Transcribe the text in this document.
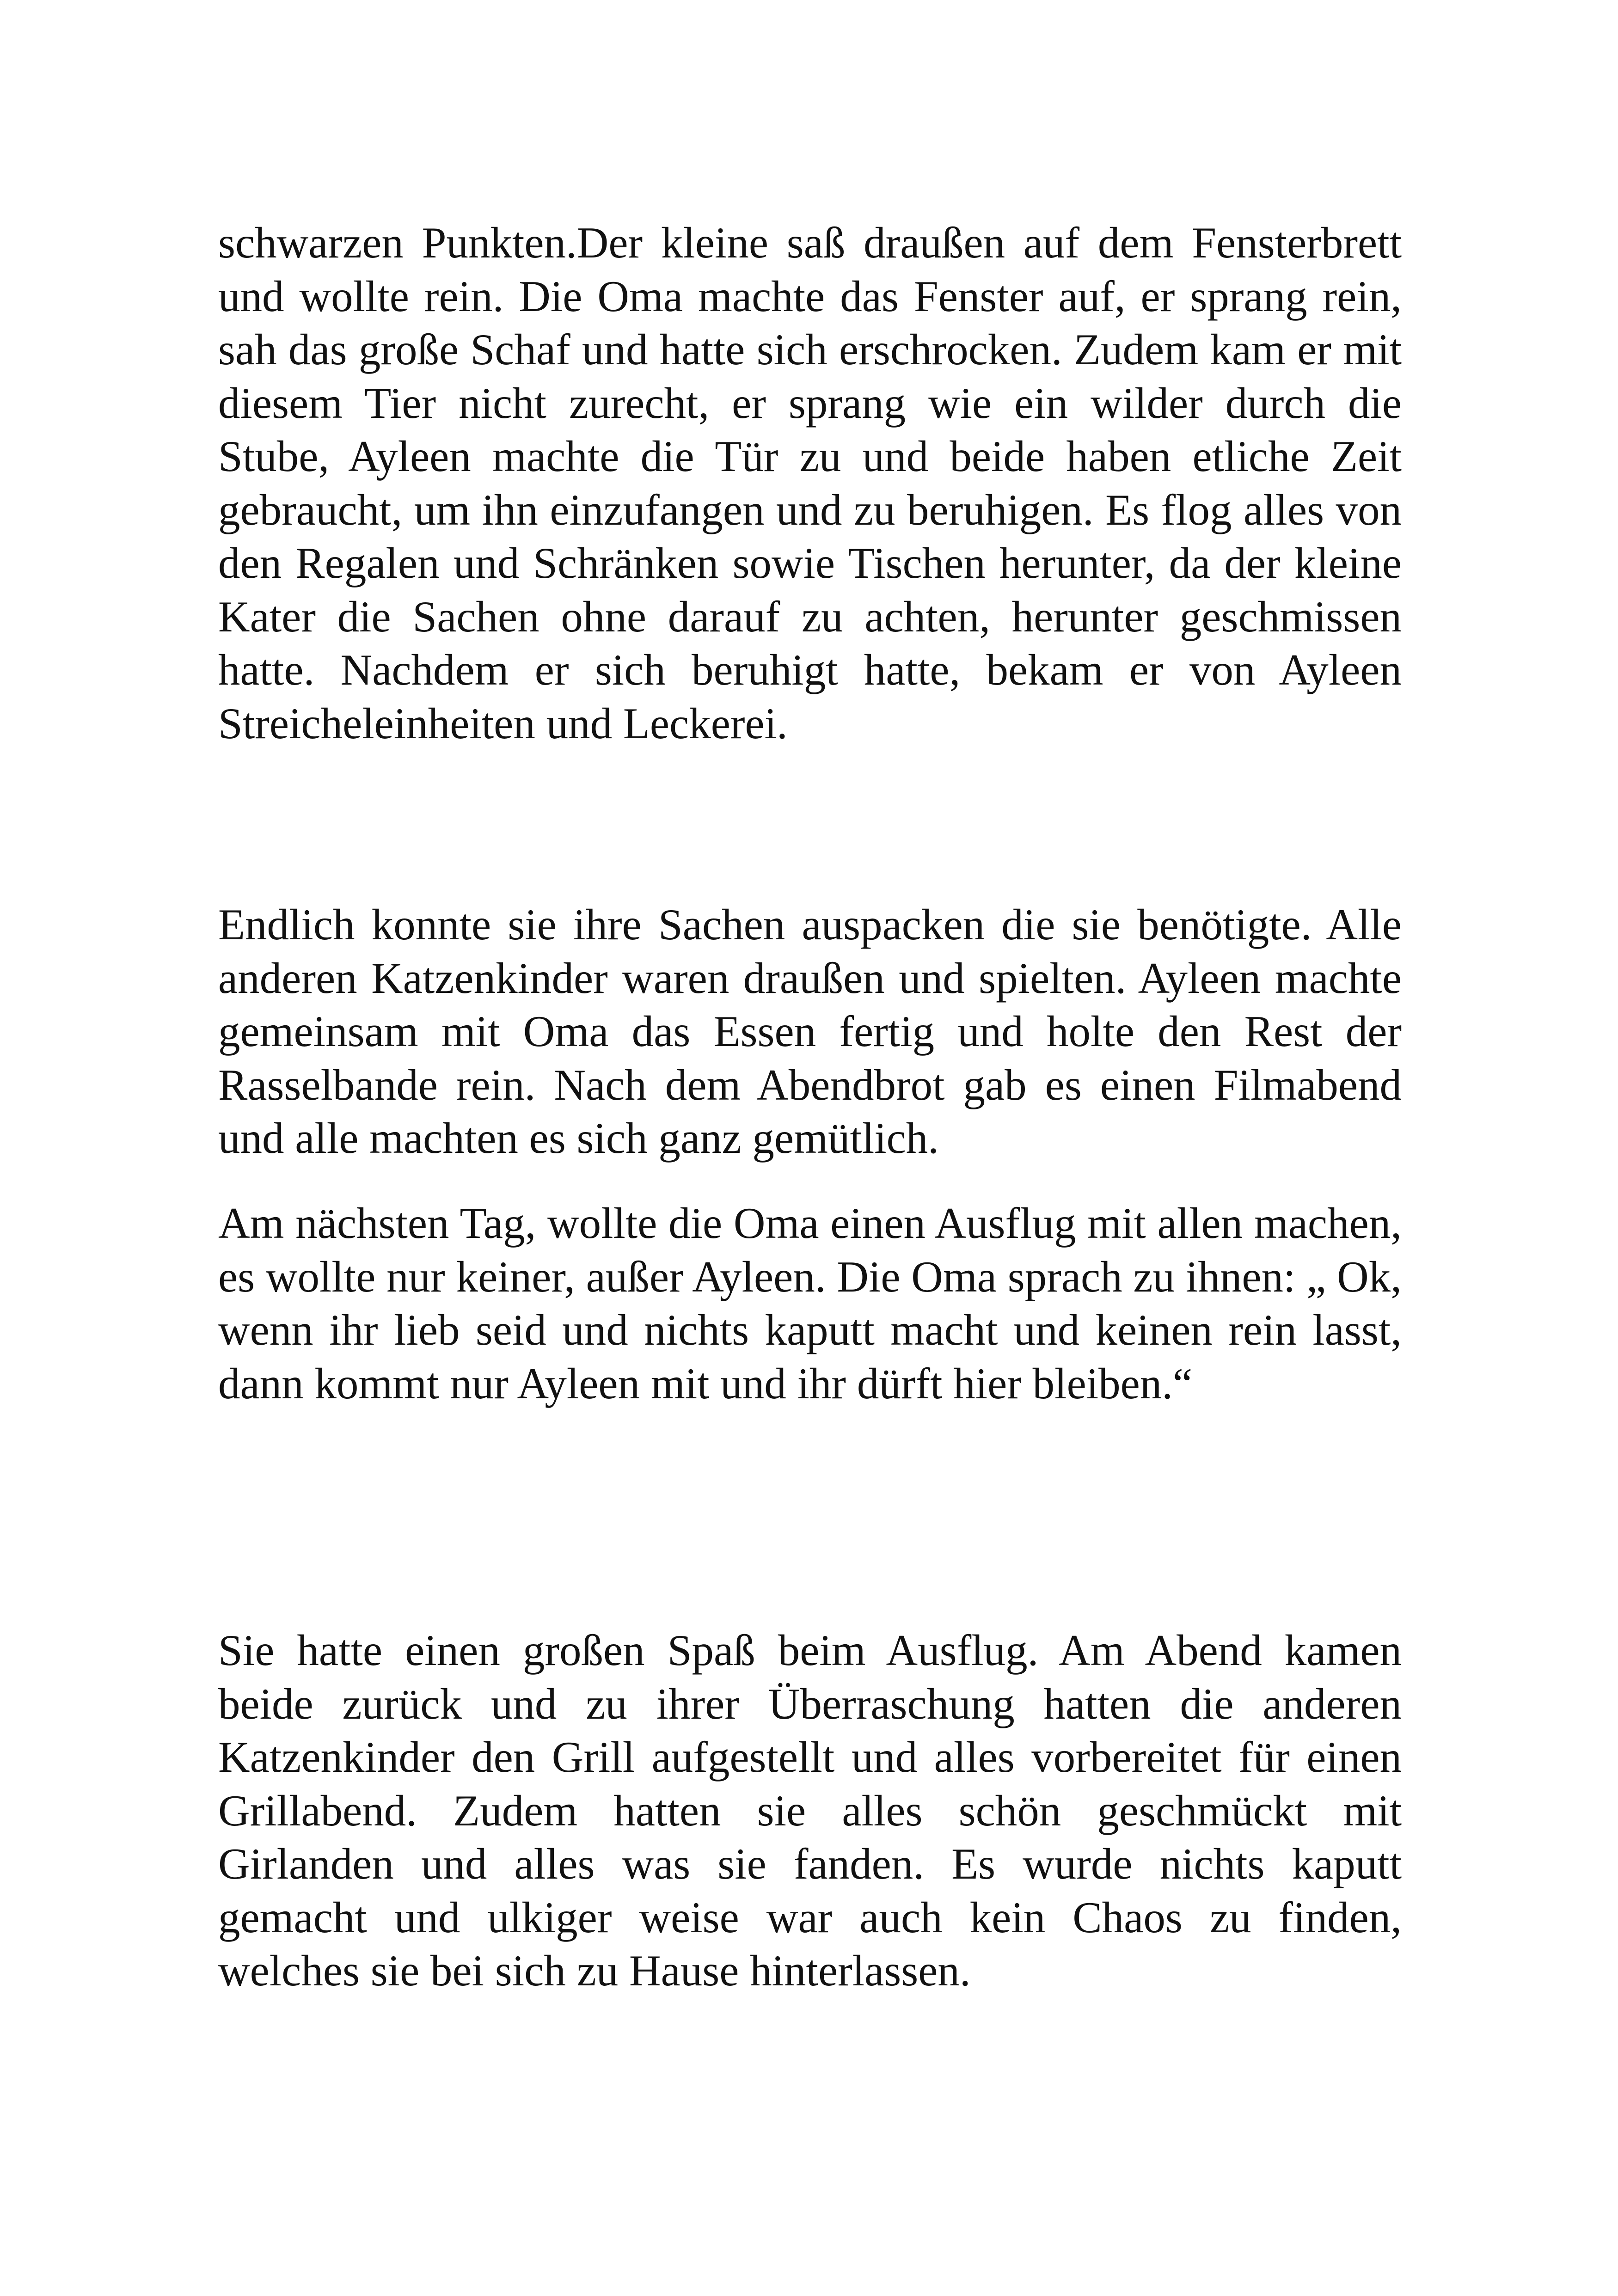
schwarzen Punkten.Der kleine saß draußen auf dem Fensterbrett und wollte rein. Die Oma machte das Fenster auf, er sprang rein, sah das große Schaf und hatte sich erschrocken. Zudem kam er mit diesem Tier nicht zurecht, er sprang wie ein wilder durch die Stube, Ayleen machte die Tür zu und beide haben etliche Zeit gebraucht, um ihn einzufangen und zu beruhigen. Es flog alles von den Regalen und Schränken sowie Tischen herunter, da der kleine Kater die Sachen ohne darauf zu achten, herunter geschmissen hatte. Nachdem er sich beruhigt hatte, bekam er von Ayleen Streicheleinheiten und Leckerei.

Endlich konnte sie ihre Sachen auspacken die sie benötigte. Alle anderen Katzenkinder waren draußen und spielten. Ayleen machte gemeinsam mit Oma das Essen fertig und holte den Rest der Rasselbande rein. Nach dem Abendbrot gab es einen Filmabend und alle machten es sich ganz gemütlich.

Am nächsten Tag, wollte die Oma einen Ausflug mit allen machen, es wollte nur keiner, außer Ayleen. Die Oma sprach zu ihnen: „ Ok, wenn ihr lieb seid und nichts kaputt macht und keinen rein lasst, dann kommt nur Ayleen mit und ihr dürft hier bleiben.“

Sie hatte einen großen Spaß beim Ausflug. Am Abend kamen beide zurück und zu ihrer Überraschung hatten die anderen Katzenkinder den Grill aufgestellt und alles vorbereitet für einen Grillabend. Zudem hatten sie alles schön geschmückt mit Girlanden und alles was sie fanden. Es wurde nichts kaputt gemacht und ulkiger weise war auch kein Chaos zu finden, welches sie bei sich zu Hause hinterlassen.
